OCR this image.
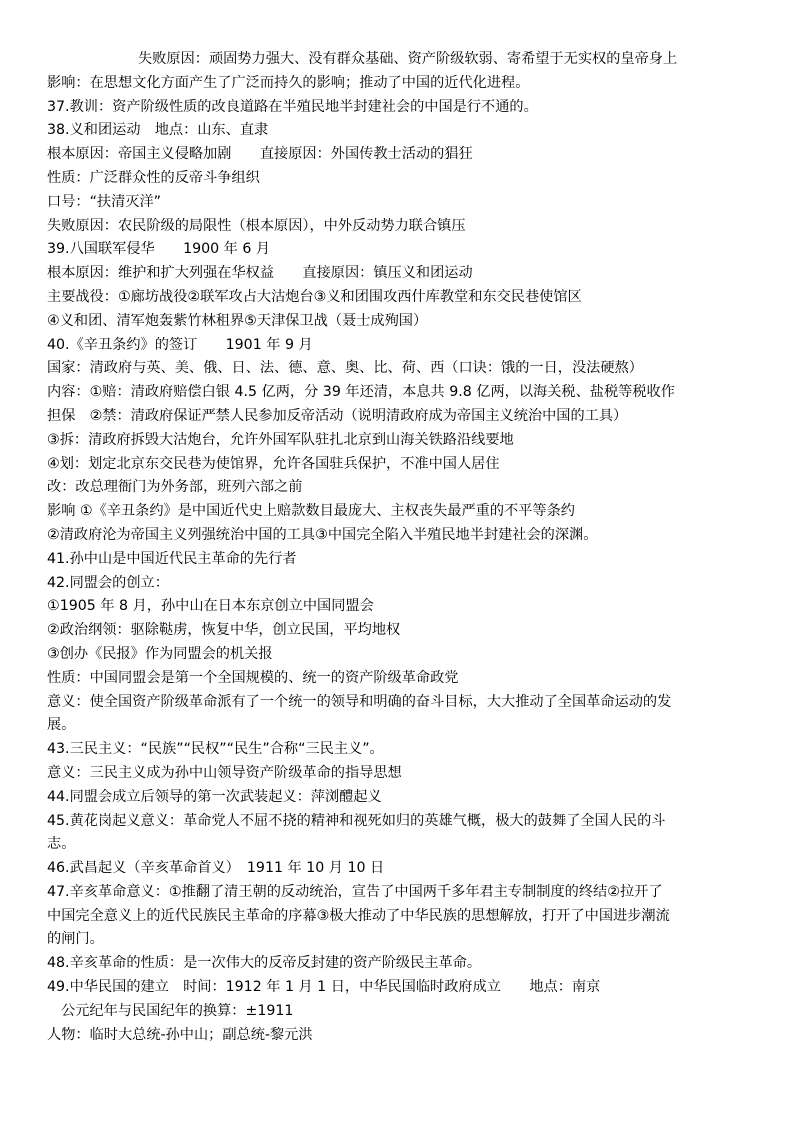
失败原因：顽固势力强大、没有群众基础、资产阶级软弱、寄希望于无实权的皇帝身上
影响：在思想文化方面产生了广泛而持久的影响；推动了中国的近代化进程。
37.教训：资产阶级性质的改良道路在半殖民地半封建社会的中国是行不通的。
38.义和团运动　地点：山东、直隶
根本原因：帝国主义侵略加剧　　直接原因：外国传教士活动的猖狂
性质：广泛群众性的反帝斗争组织
口号：“扶清灭洋”
失败原因：农民阶级的局限性（根本原因），中外反动势力联合镇压
39.八国联军侵华　　1900 年 6 月
根本原因：维护和扩大列强在华权益　　直接原因：镇压义和团运动
主要战役：①廊坊战役②联军攻占大沽炮台③义和团围攻西什库教堂和东交民巷使馆区
④义和团、清军炮轰紫竹林租界⑤天津保卫战（聂士成殉国）
40.《辛丑条约》的签订　　1901 年 9 月
国家：清政府与英、美、俄、日、法、德、意、奥、比、荷、西（口诀：饿的一日，没法硬熬）
内容：①赔：清政府赔偿白银 4.5 亿两，分 39 年还清，本息共 9.8 亿两，以海关税、盐税等税收作
担保　②禁：清政府保证严禁人民参加反帝活动（说明清政府成为帝国主义统治中国的工具）
③拆：清政府拆毁大沽炮台，允许外国军队驻扎北京到山海关铁路沿线要地
④划：划定北京东交民巷为使馆界，允许各国驻兵保护，不准中国人居住
改：改总理衙门为外务部，班列六部之前
影响 ①《辛丑条约》是中国近代史上赔款数目最庞大、主权丧失最严重的不平等条约
②清政府沦为帝国主义列强统治中国的工具③中国完全陷入半殖民地半封建社会的深渊。
41.孙中山是中国近代民主革命的先行者
42.同盟会的创立：
①1905 年 8 月，孙中山在日本东京创立中国同盟会
②政治纲领：驱除鞑虏，恢复中华，创立民国，平均地权
③创办《民报》作为同盟会的机关报
性质：中国同盟会是第一个全国规模的、统一的资产阶级革命政党
意义：使全国资产阶级革命派有了一个统一的领导和明确的奋斗目标，大大推动了全国革命运动的发
展。
43.三民主义：“民族”“民权”“民生”合称“三民主义”。
意义：三民主义成为孙中山领导资产阶级革命的指导思想
44.同盟会成立后领导的第一次武装起义：萍浏醴起义
45.黄花岗起义意义：革命党人不屈不挠的精神和视死如归的英雄气概，极大的鼓舞了全国人民的斗
志。
46.武昌起义（辛亥革命首义）　1911 年 10 月 10 日
47.辛亥革命意义：①推翻了清王朝的反动统治，宣告了中国两千多年君主专制制度的终结②拉开了
中国完全意义上的近代民族民主革命的序幕③极大推动了中华民族的思想解放，打开了中国进步潮流
的闸门。
48.辛亥革命的性质：是一次伟大的反帝反封建的资产阶级民主革命。
49.中华民国的建立　时间：1912 年 1 月 1 日，中华民国临时政府成立　　地点：南京
公元纪年与民国纪年的换算：±1911
人物：临时大总统-孙中山；副总统-黎元洪
